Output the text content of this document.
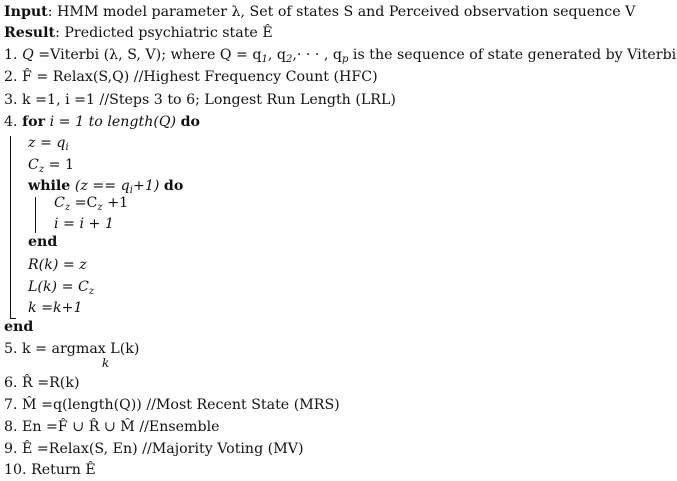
Input: HMM model parameter λ, Set of states S and Perceived observation sequence V
Result: Predicted psychiatric state Ê
1. Q =Viterbi (λ, S, V); where $Q = q_1$, $q_2,\cdot$ · · , $q_p$ is the sequence of state generated by Viterbi
2. F̂ = Relax(S,Q) //Highest Frequency Count (HFC)
3. k =1, i =1 //Steps 3 to 6; Longest Run Length (LRL)
4. for i = 1 to length(Q) do
$z = q_i$
$C_z = 1$
while $(z == q_i+1)$ do
$C_z =C_z +1$
i = i + 1
end
R(k) = z
$L(k) = C_z$
k =k+1
end
5. k = argmax L(k)
k
6. R̂ =R(k)
7. M̂ =q(length(Q)) //Most Recent State (MRS)
8. En =F̂ ∪ R̂ ∪ M̂ //Ensemble
9. Ê =Relax(S, En) //Majority Voting (MV)
10. Return Ê
